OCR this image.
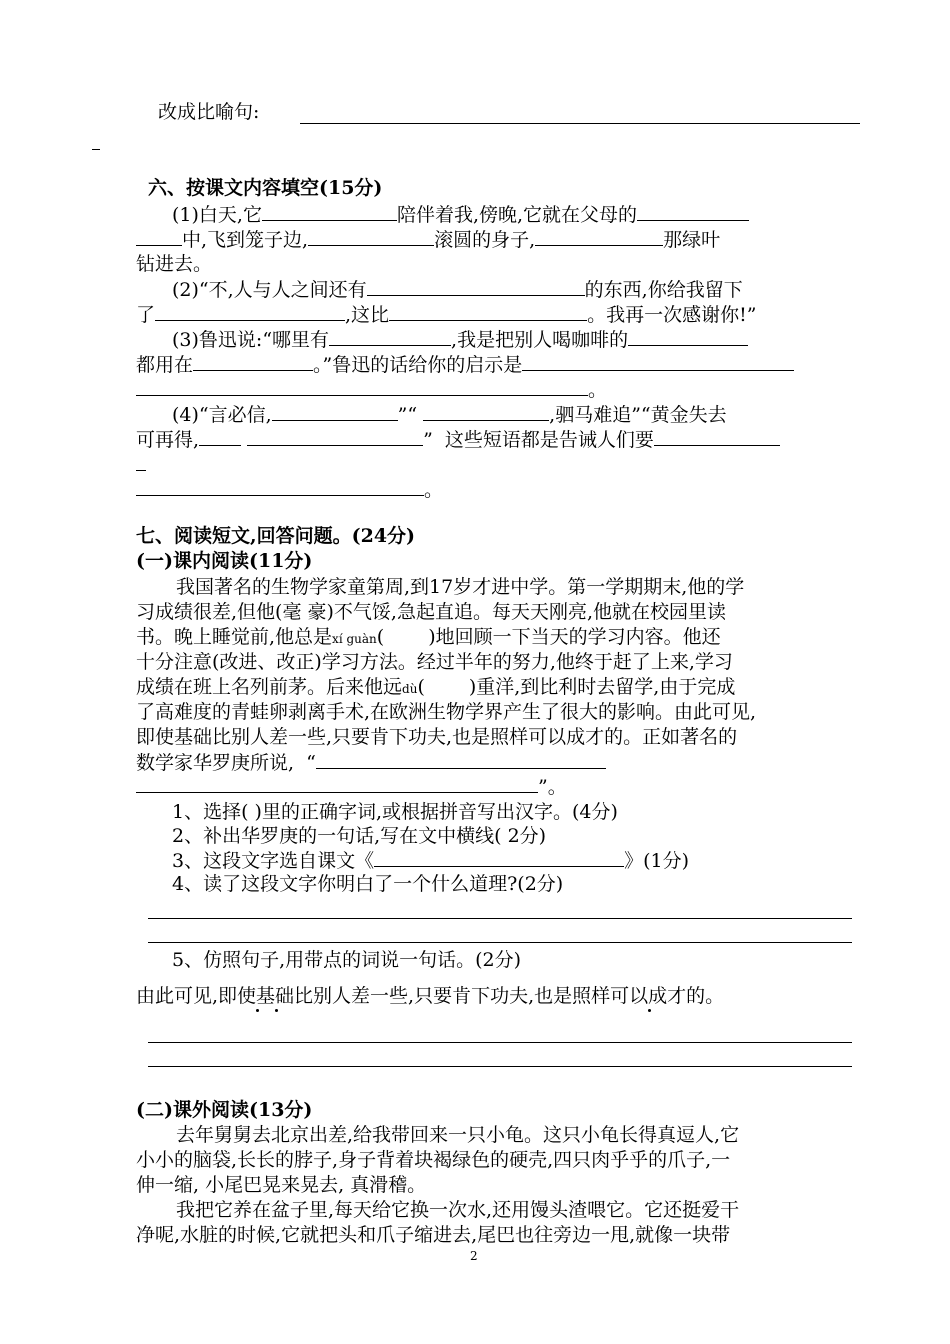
改成比喻句:
六、按课文内容填空(15分)
(1)白天,它	陪伴着我,傍晚,它就在父母的
中,飞到笼子边,	滚圆的身子,	那绿叶
钻进去。
(2)“不,人与人之间还有	的东西,你给我留下
了	,这比	。我再一次感谢你!”
(3)鲁迅说:“哪里有	,我是把别人喝咖啡的
都用在	。”鲁迅的话给你的启示是
。
(4)“言必信,	”“	,驷马难追”“黄金失去
可再得,	” 这些短语都是告诫人们要
。
七、阅读短文,回答问题。(24分)
(一)课内阅读(11分)
我国著名的生物学家童第周,到17岁才进中学。第一学期期末,他的学
习成绩很差,但他(毫 豪)不气馁,急起直追。每天天刚亮,他就在校园里读
书。晚上睡觉前,他总是xí guàn( )地回顾一下当天的学习内容。他还
十分注意(改进、改正)学习方法。经过半年的努力,他终于赶了上来,学习
成绩在班上名列前茅。后来他远dù( )重洋,到比利时去留学,由于完成
了高难度的青蛙卵剥离手术,在欧洲生物学界产生了很大的影响。由此可见,
即使基础比别人差一些,只要肯下功夫,也是照样可以成才的。正如著名的
数学家华罗庚所说, “
”。
1、选择( )里的正确字词,或根据拼音写出汉字。(4分)
2、补出华罗庚的一句话,写在文中横线( 2分)
3、这段文字选自课文《	》(1分)
4、读了这段文字你明白了一个什么道理?(2分)
5、仿照句子,用带点的词说一句话。(2分)
由此可见,即使基础比别人差一些,只要肯下功夫,也是照样可以成才的。
(二)课外阅读(13分)
去年舅舅去北京出差,给我带回来一只小龟。这只小龟长得真逗人,它
小小的脑袋,长长的脖子,身子背着块褐绿色的硬壳,四只肉乎乎的爪子,一
伸一缩, 小尾巴晃来晃去, 真滑稽。
我把它养在盆子里,每天给它换一次水,还用馒头渣喂它。它还挺爱干
净呢,水脏的时候,它就把头和爪子缩进去,尾巴也往旁边一甩,就像一块带
2
